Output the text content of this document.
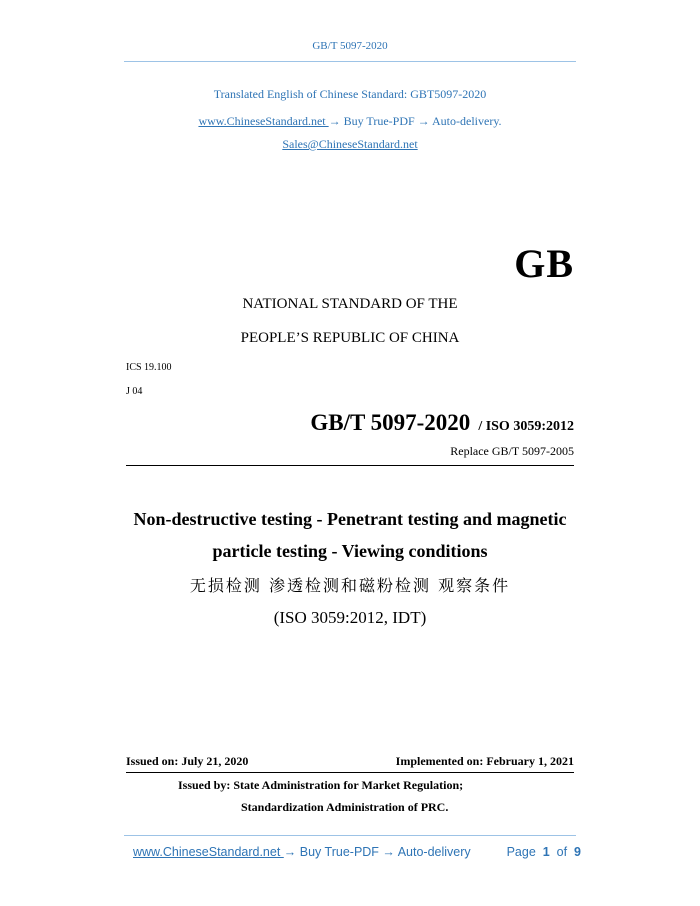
GB/T 5097-2020
Translated English of Chinese Standard: GBT5097-2020
www.ChineseStandard.net → Buy True-PDF → Auto-delivery.
Sales@ChineseStandard.net
GB
NATIONAL STANDARD OF THE
PEOPLE’S REPUBLIC OF CHINA
ICS 19.100
J 04
GB/T 5097-2020 / ISO 3059:2012
Replace GB/T 5097-2005
Non-destructive testing - Penetrant testing and magnetic
particle testing - Viewing conditions
无损检测 渗透检测和磁粉检测 观察条件
(ISO 3059:2012, IDT)
Issued on: July 21, 2020	Implemented on: February 1, 2021
Issued by: State Administration for Market Regulation;
Standardization Administration of PRC.
www.ChineseStandard.net → Buy True-PDF → Auto-delivery	Page 1 of 9
